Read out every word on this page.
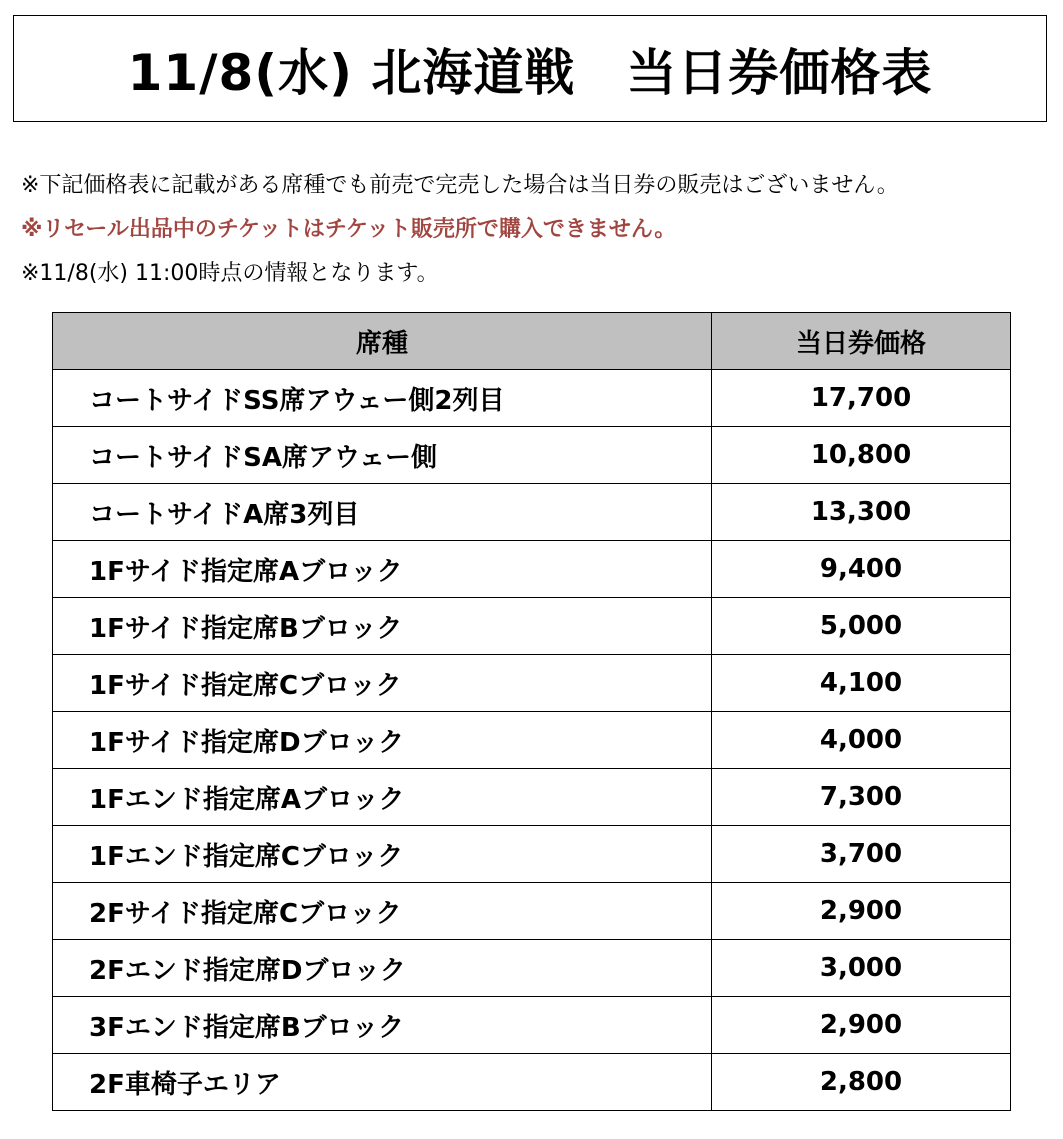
11/8(水) 北海道戦　当日券価格表
※下記価格表に記載がある席種でも前売で完売した場合は当日券の販売はございません。
※リセール出品中のチケットはチケット販売所で購入できません。
※11/8(水) 11:00時点の情報となります。
席種	当日券価格
コートサイドSS席アウェー側2列目	17,700
コートサイドSA席アウェー側	10,800
コートサイドA席3列目	13,300
1Fサイド指定席Aブロック	9,400
1Fサイド指定席Bブロック	5,000
1Fサイド指定席Cブロック	4,100
1Fサイド指定席Dブロック	4,000
1Fエンド指定席Aブロック	7,300
1Fエンド指定席Cブロック	3,700
2Fサイド指定席Cブロック	2,900
2Fエンド指定席Dブロック	3,000
3Fエンド指定席Bブロック	2,900
2F車椅子エリア	2,800
